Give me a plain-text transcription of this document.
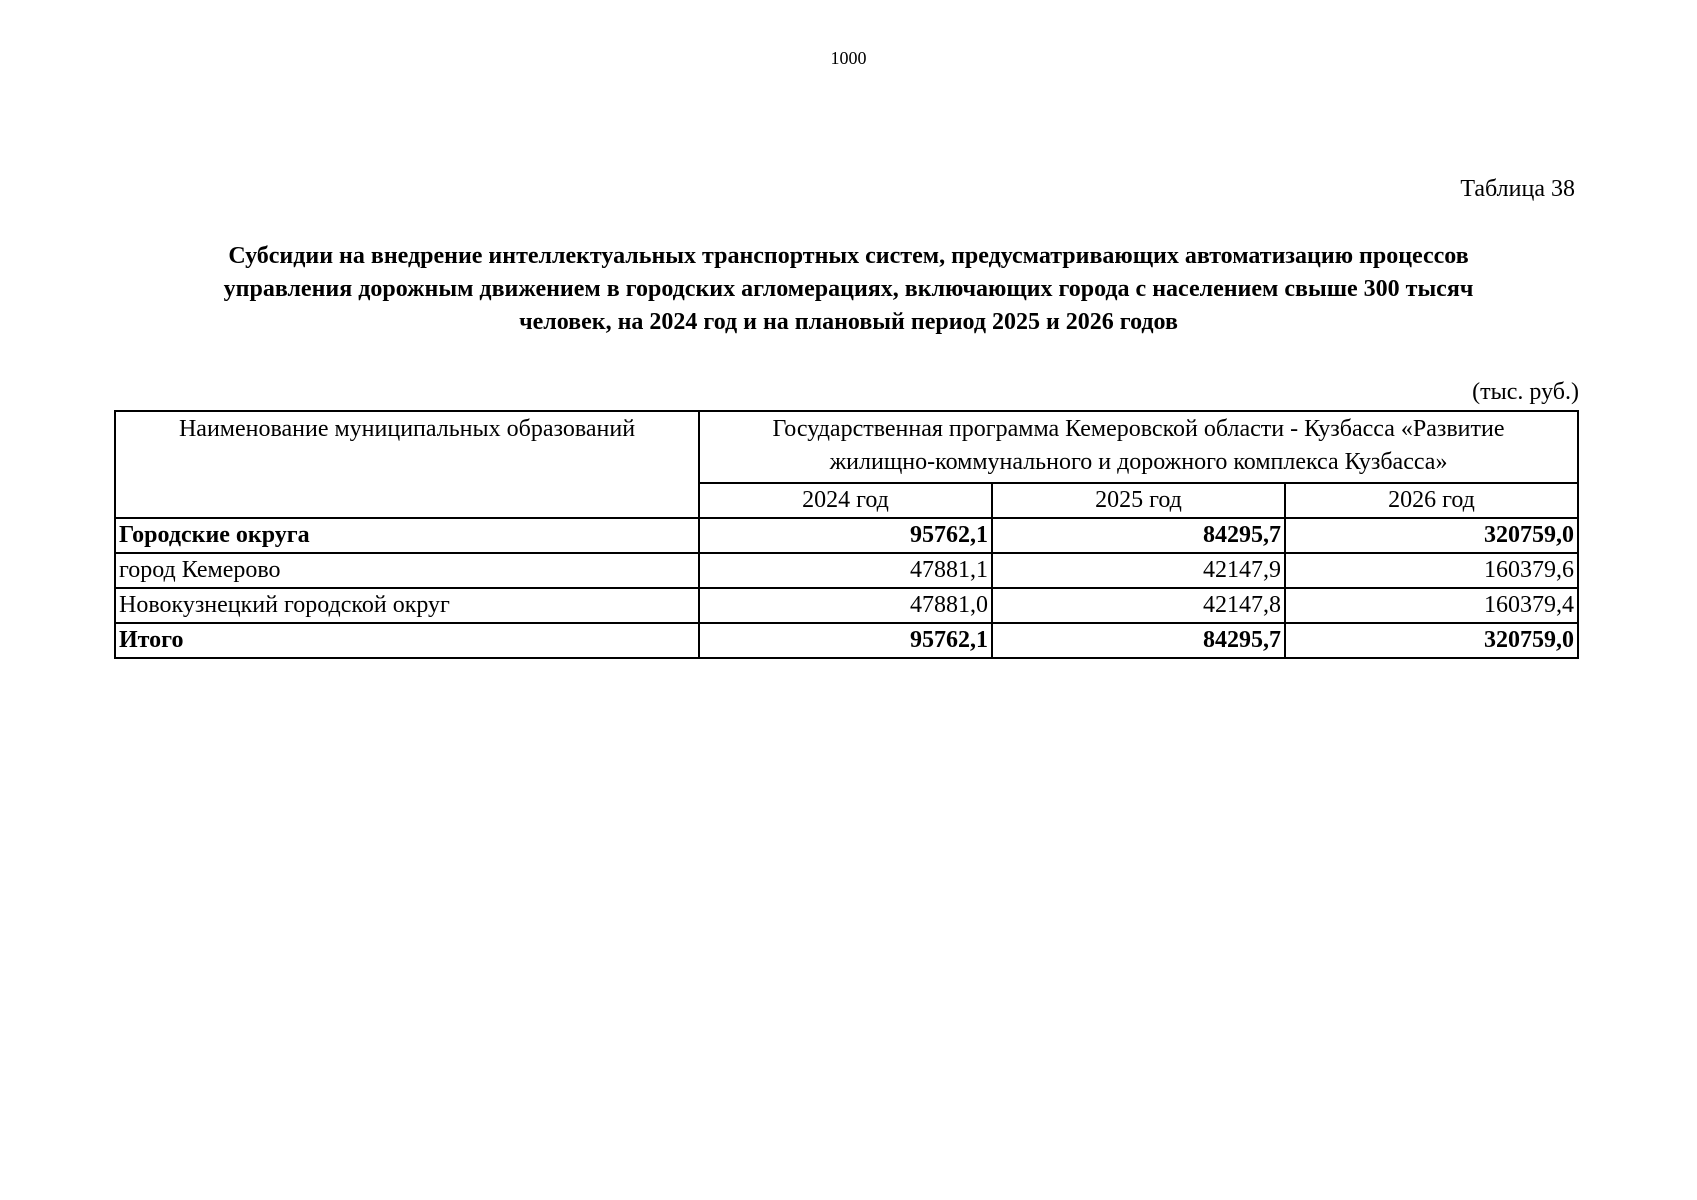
1000
Таблица 38
Субсидии на внедрение интеллектуальных транспортных систем, предусматривающих автоматизацию процессов
управления дорожным движением в городских агломерациях, включающих города с населением свыше 300 тысяч
человек, на 2024 год и на плановый период 2025 и 2026 годов
(тыс. руб.)
Наименование муниципальных образований	Государственная программа Кемеровской области - Кузбасса «Развитие
жилищно-коммунального и дорожного комплекса Кузбасса»		

	2024 год	2025 год	2026 год
Городские округа	95762,1	84295,7	320759,0
город Кемерово	47881,1	42147,9	160379,6
Новокузнецкий городской округ	47881,0	42147,8	160379,4
Итого	95762,1	84295,7	320759,0
